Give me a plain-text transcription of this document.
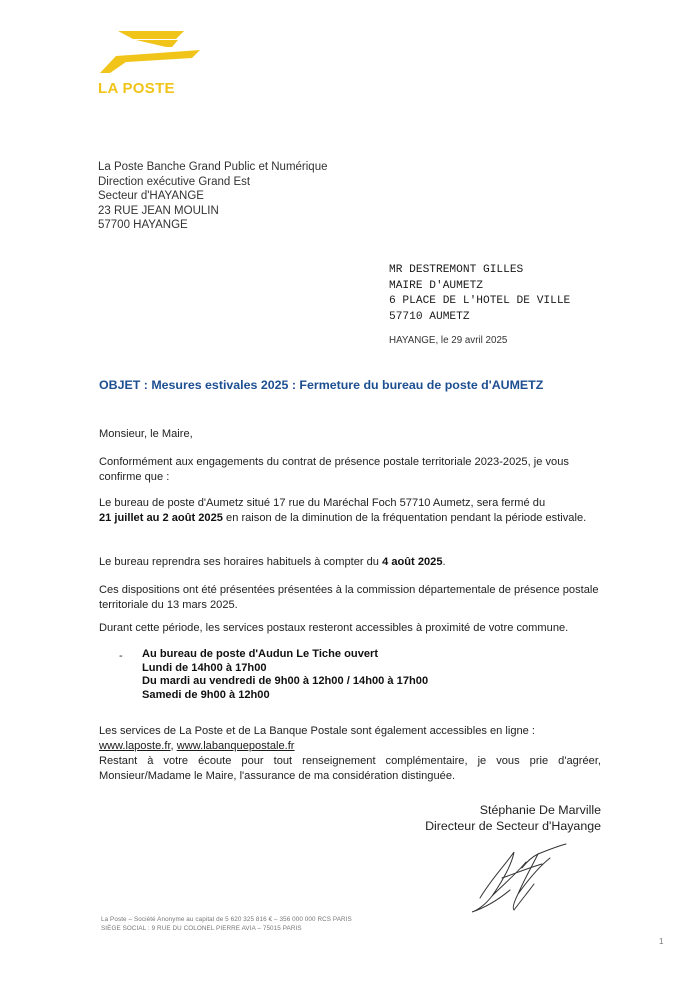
LA POSTE
La Poste Banche Grand Public et Numérique
Direction exécutive Grand Est
Secteur d'HAYANGE
23 RUE JEAN MOULIN
57700 HAYANGE
MR DESTREMONT GILLES
MAIRE D'AUMETZ
6 PLACE DE L'HOTEL DE VILLE
57710 AUMETZ
HAYANGE, le 29 avril 2025
OBJET : Mesures estivales 2025 : Fermeture du bureau de poste d'AUMETZ
Monsieur, le Maire,
Conformément aux engagements du contrat de présence postale territoriale 2023-2025, je vous confirme que :
Le bureau de poste d'Aumetz situé 17 rue du Maréchal Foch 57710 Aumetz, sera fermé du
21 juillet au 2 août 2025 en raison de la diminution de la fréquentation pendant la période estivale.
Le bureau reprendra ses horaires habituels à compter du 4 août 2025.
Ces dispositions ont été présentées présentées à la commission départementale de présence postale territoriale du 13 mars 2025.
Durant cette période, les services postaux resteront accessibles à proximité de votre commune.
- Au bureau de poste d'Audun Le Tiche ouvert
Lundi de 14h00 à 17h00
Du mardi au vendredi de 9h00 à 12h00 / 14h00 à 17h00
Samedi de 9h00 à 12h00
Les services de La Poste et de La Banque Postale sont également accessibles en ligne :
www.laposte.fr, www.labanquepostale.fr
Restant à votre écoute pour tout renseignement complémentaire, je vous prie d'agréer, Monsieur/Madame le Maire, l'assurance de ma considération distinguée.
Stéphanie De Marville
Directeur de Secteur d'Hayange
La Poste – Société Anonyme au capital de 5 620 325 816 € – 356 000 000 RCS PARIS
SIÈGE SOCIAL : 9 RUE DU COLONEL PIERRE AVIA – 75015 PARIS
1
